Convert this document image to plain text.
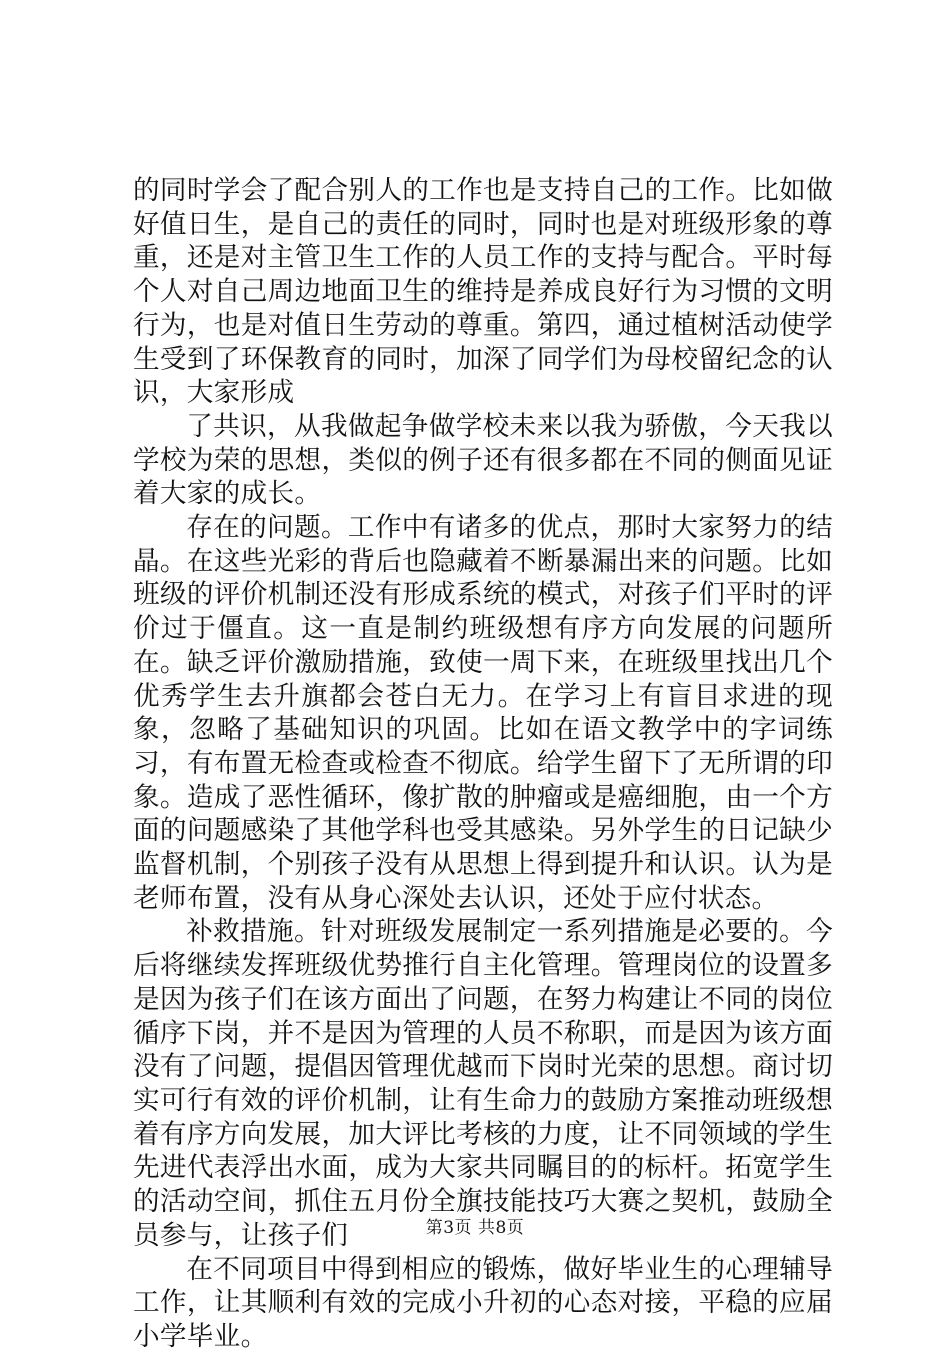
的同时学会了配合别人的工作也是支持自己的工作。比如做好值日生，是自己的责任的同时，同时也是对班级形象的尊重，还是对主管卫生工作的人员工作的支持与配合。平时每个人对自己周边地面卫生的维持是养成良好行为习惯的文明行为，也是对值日生劳动的尊重。第四，通过植树活动使学生受到了环保教育的同时，加深了同学们为母校留纪念的认识，大家形成

了共识，从我做起争做学校未来以我为骄傲，今天我以学校为荣的思想，类似的例子还有很多都在不同的侧面见证着大家的成长。

存在的问题。工作中有诸多的优点，那时大家努力的结晶。在这些光彩的背后也隐藏着不断暴漏出来的问题。比如班级的评价机制还没有形成系统的模式，对孩子们平时的评价过于僵直。这一直是制约班级想有序方向发展的问题所在。缺乏评价激励措施，致使一周下来，在班级里找出几个优秀学生去升旗都会苍白无力。在学习上有盲目求进的现象，忽略了基础知识的巩固。比如在语文教学中的字词练习，有布置无检查或检查不彻底。给学生留下了无所谓的印象。造成了恶性循环，像扩散的肿瘤或是癌细胞，由一个方面的问题感染了其他学科也受其感染。另外学生的日记缺少监督机制，个别孩子没有从思想上得到提升和认识。认为是老师布置，没有从身心深处去认识，还处于应付状态。

补救措施。针对班级发展制定一系列措施是必要的。今后将继续发挥班级优势推行自主化管理。管理岗位的设置多是因为孩子们在该方面出了问题，在努力构建让不同的岗位循序下岗，并不是因为管理的人员不称职，而是因为该方面没有了问题，提倡因管理优越而下岗时光荣的思想。商讨切实可行有效的评价机制，让有生命力的鼓励方案推动班级想着有序方向发展，加大评比考核的力度，让不同领域的学生先进代表浮出水面，成为大家共同瞩目的的标杆。拓宽学生的活动空间，抓住五月份全旗技能技巧大赛之契机，鼓励全员参与，让孩子们

在不同项目中得到相应的锻炼，做好毕业生的心理辅导工作，让其顺利有效的完成小升初的心态对接，平稳的应届小学毕业。

第3页 共8页
